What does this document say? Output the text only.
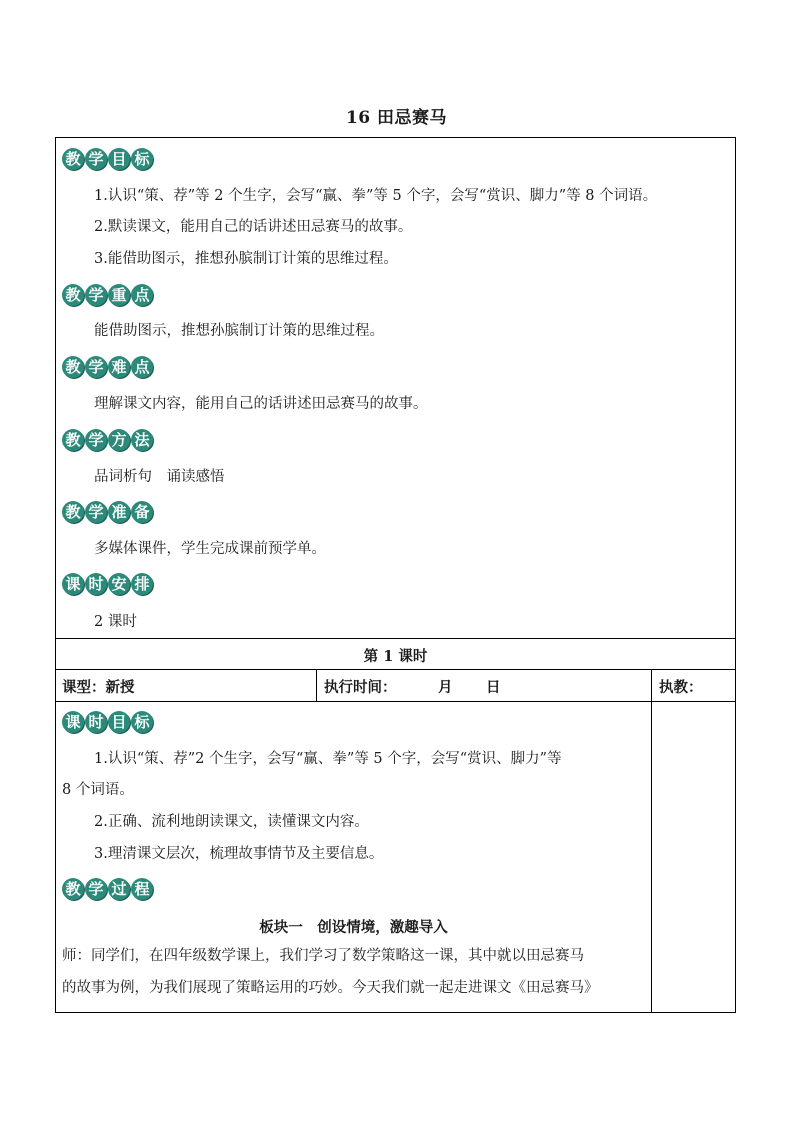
16 田忌赛马
教 学 目 标
1.认识“策、荐”等 2 个生字，会写“赢、拳”等 5 个字，会写“赏识、脚力”等 8 个词语。
2.默读课文，能用自己的话讲述田忌赛马的故事。
3.能借助图示，推想孙膑制订计策的思维过程。
教 学 重 点
能借助图示，推想孙膑制订计策的思维过程。
教 学 难 点
理解课文内容，能用自己的话讲述田忌赛马的故事。
教 学 方 法
品词析句　诵读感悟
教 学 准 备
多媒体课件，学生完成课前预学单。
课 时 安 排
2 课时
第 1 课时
课型：新授	执行时间：	月 日	执教：
课 时 目 标
1.认识“策、荐”2 个生字，会写“赢、拳”等 5 个字，会写“赏识、脚力”等
8 个词语。
2.正确、流利地朗读课文，读懂课文内容。
3.理清课文层次，梳理故事情节及主要信息。
教 学 过 程
板块一　创设情境，激趣导入
师：同学们，在四年级数学课上，我们学习了数学策略这一课，其中就以田忌赛马
的故事为例，为我们展现了策略运用的巧妙。今天我们就一起走进课文《田忌赛马》
